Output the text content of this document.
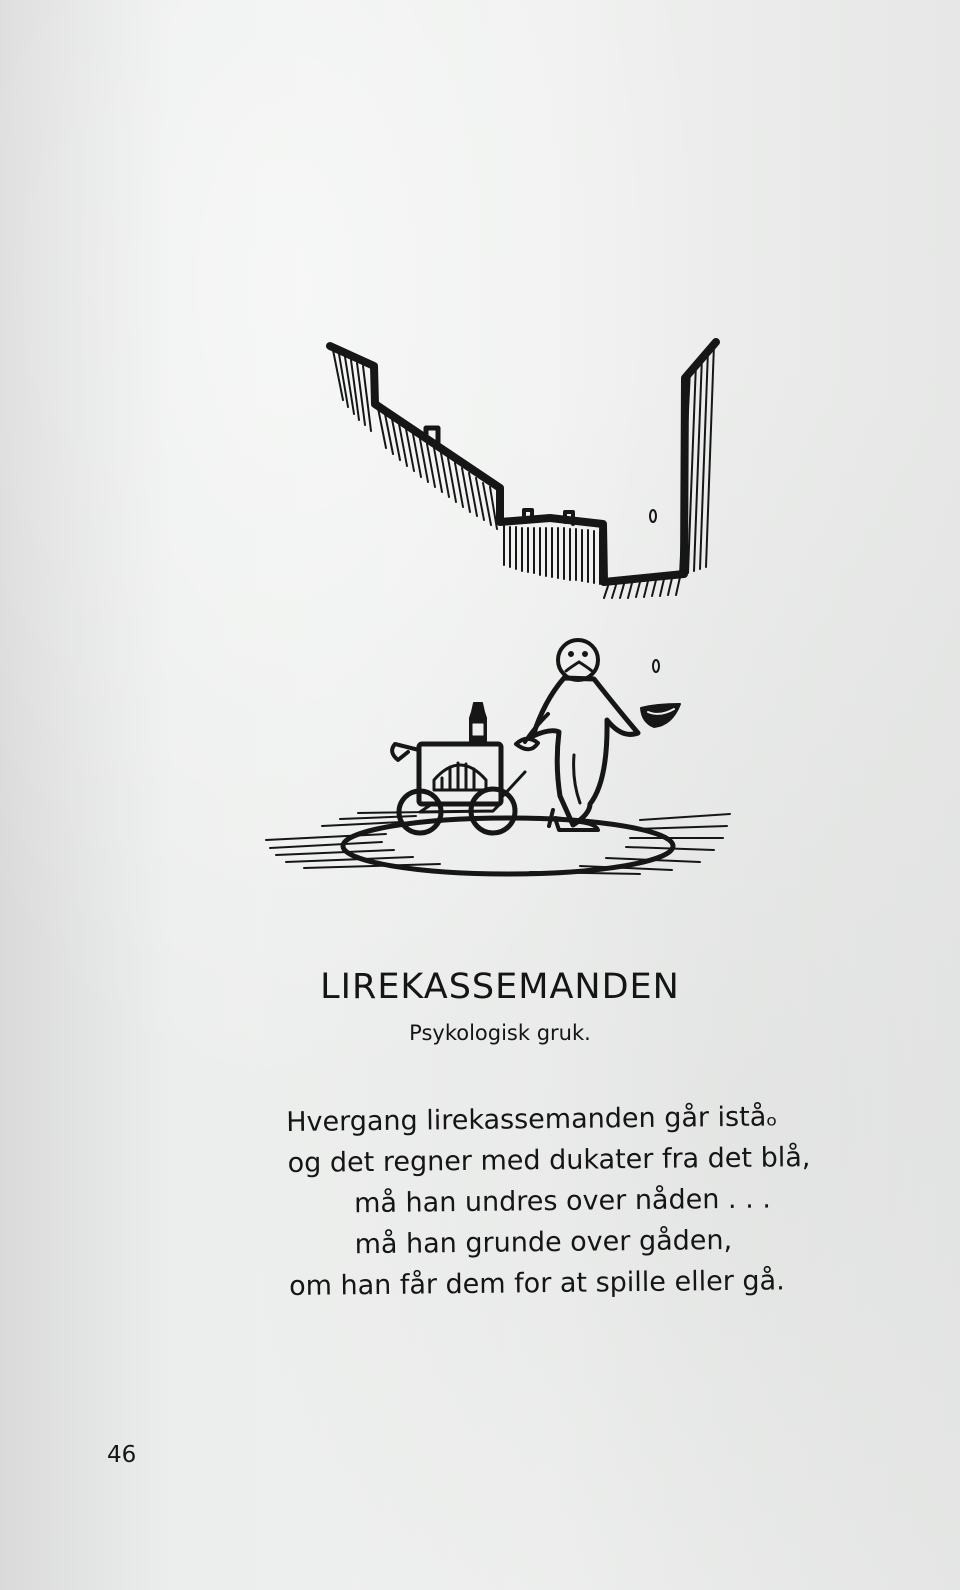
LIREKASSEMANDEN
Psykologisk gruk.
Hvergang lirekassemanden går iståₒ
og det regner med dukater fra det blå,
må han undres over nåden . . .
må han grunde over gåden,
om han får dem for at spille eller gå.
46
